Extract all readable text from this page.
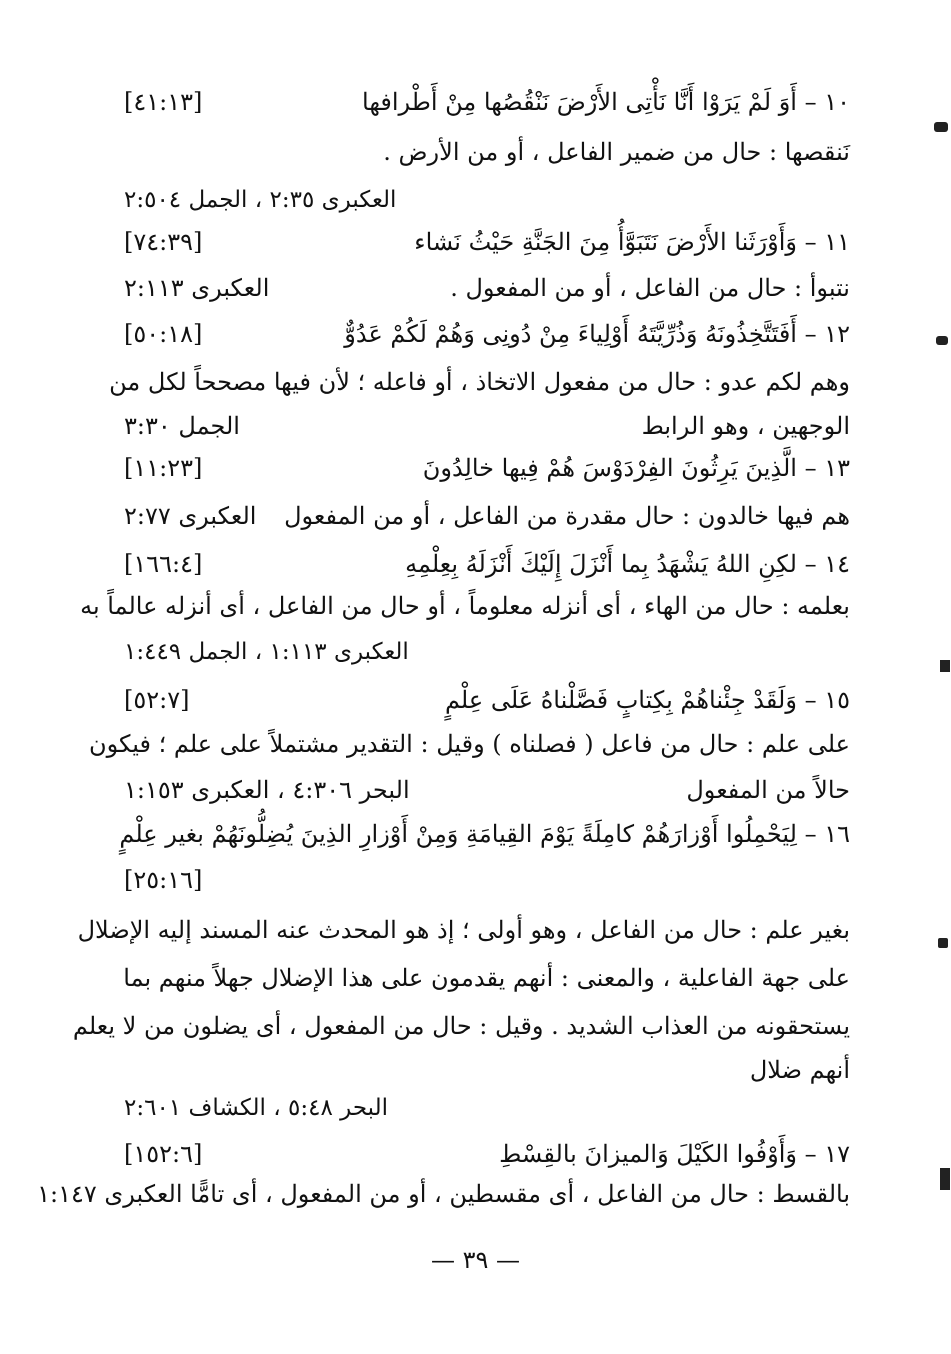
١٠ – أَوَ لَمْ يَرَوْا أَنَّا نَأْتِى الأَرْضَ نَنْقُصُها مِنْ أَطْرافها
[٤١:١٣]
نَنقصها : حال من ضمير الفاعل ، أو من الأرض .
العكبرى ٢:٣٥ ، الجمل ٢:٥٠٤
١١ – وَأَوْرَثَنا الأَرْضَ نَتَبَوَّأُ مِنَ الجَنَّةِ حَيْثُ نَشاء
[٧٤:٣٩]
نتبوأ : حال من الفاعل ، أو من المفعول .
العكبرى ٢:١١٣
١٢ – أَفَتَتَّخِذُونَهُ وَذُرِّيَّتَهُ أَوْلِياءَ مِنْ دُونِى وَهُمْ لَكُمْ عَدُوٌّ
[٥٠:١٨]
وهم لكم عدو : حال من مفعول الاتخاذ ، أو فاعله ؛ لأن فيها مصححاً لكل من
الوجهين ، وهو الرابط
الجمل ٣:٣٠
١٣ – الَّذِينَ يَرِثُونَ الفِرْدَوْسَ هُمْ فِيها خالِدُونَ
[١١:٢٣]
هم فيها خالدون : حال مقدرة من الفاعل ، أو من المفعول
العكبرى ٢:٧٧
١٤ – لكِنِ اللهُ يَشْهَدُ بِما أَنْزَلَ إِلَيْكَ أَنْزَلَهُ بِعِلْمِهِ
[١٦٦:٤]
بعلمه : حال من الهاء ، أى أنزله معلوماً ، أو حال من الفاعل ، أى أنزله عالماً به
العكبرى ١:١١٣ ، الجمل ١:٤٤٩
١٥ – وَلَقَدْ جِئْناهُمْ بِكِتابٍ فَصَّلْناهُ عَلَى عِلْمٍ
[٥٢:٧]
على علم : حال من فاعل ( فصلناه ) وقيل : التقدير مشتملاً على علم ؛ فيكون
حالاً من المفعول
البحر ٤:٣٠٦ ، العكبرى ١:١٥٣
١٦ – لِيَحْمِلُوا أَوْزارَهُمْ كامِلَةً يَوْمَ القِيامَةِ وَمِنْ أَوْزارِ الذِينَ يُضِلُّونَهُمْ بغير عِلْمٍ
[٢٥:١٦]
بغير علم : حال من الفاعل ، وهو أولى ؛ إذ هو المحدث عنه المسند إليه الإضلال
على جهة الفاعلية ، والمعنى : أنهم يقدمون على هذا الإضلال جهلاً منهم بما
يستحقونه من العذاب الشديد . وقيل : حال من المفعول ، أى يضلون من لا يعلم
أنهم ضلال
البحر ٥:٤٨ ، الكشاف ٢:٦٠١
١٧ – وَأَوْفُوا الكَيْلَ وَالميزانَ بالقِسْطِ
[١٥٢:٦]
بالقسط : حال من الفاعل ، أى مقسطين ، أو من المفعول ، أى تامًّا العكبرى ١:١٤٧
— ٣٩ —
